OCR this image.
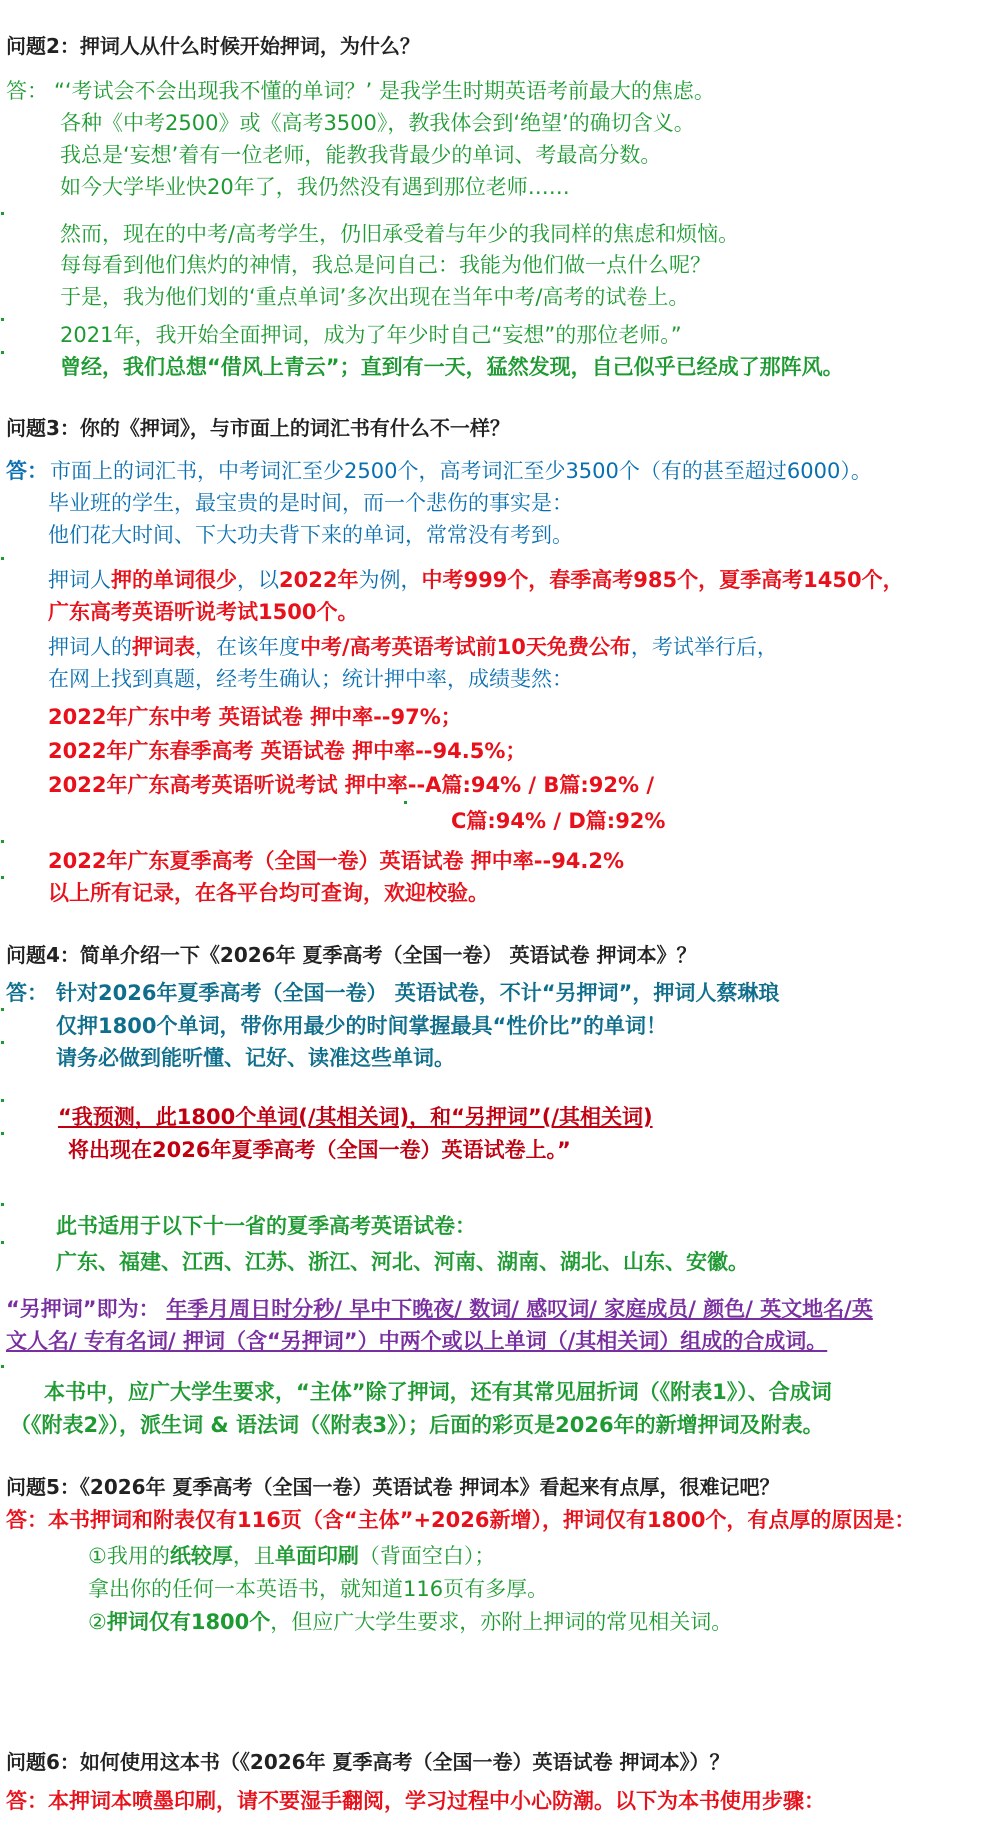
问题2：押词人从什么时候开始押词，为什么？
答： “‘考试会不会出现我不懂的单词？’ 是我学生时期英语考前最大的焦虑。
各种《中考2500》或《高考3500》，教我体会到‘绝望’的确切含义。
我总是‘妄想’着有一位老师，能教我背最少的单词、考最高分数。
如今大学毕业快20年了，我仍然没有遇到那位老师……
然而，现在的中考/高考学生，仍旧承受着与年少的我同样的焦虑和烦恼。
每每看到他们焦灼的神情，我总是问自己：我能为他们做一点什么呢？
于是，我为他们划的‘重点单词’多次出现在当年中考/高考的试卷上。
2021年，我开始全面押词，成为了年少时自己“妄想”的那位老师。”
曾经，我们总想“借风上青云”；直到有一天，猛然发现，自己似乎已经成了那阵风。
问题3：你的《押词》，与市面上的词汇书有什么不一样？
答： 市面上的词汇书，中考词汇至少2500个，高考词汇至少3500个（有的甚至超过6000）。
毕业班的学生，最宝贵的是时间，而一个悲伤的事实是：
他们花大时间、下大功夫背下来的单词，常常没有考到。
押词人押的单词很少，以2022年为例，中考999个，春季高考985个，夏季高考1450个，
广东高考英语听说考试1500个。
押词人的押词表，在该年度中考/高考英语考试前10天免费公布，考试举行后，
在网上找到真题，经考生确认；统计押中率，成绩斐然：
2022年广东中考 英语试卷 押中率--97%；
2022年广东春季高考 英语试卷 押中率--94.5%；
2022年广东高考英语听说考试 押中率--A篇:94% / B篇:92% /
C篇:94% / D篇:92%
2022年广东夏季高考（全国一卷）英语试卷 押中率--94.2%
以上所有记录，在各平台均可查询，欢迎校验。
问题4：简单介绍一下《2026年 夏季高考（全国一卷） 英语试卷 押词本》？
答： 针对2026年夏季高考（全国一卷） 英语试卷，不计“另押词”，押词人蔡琳琅
仅押1800个单词，带你用最少的时间掌握最具“性价比”的单词！
请务必做到能听懂、记好、读准这些单词。
“我预测，此1800个单词(/其相关词)，和“另押词”(/其相关词)
将出现在2026年夏季高考（全国一卷）英语试卷上。”
此书适用于以下十一省的夏季高考英语试卷：
广东、福建、江西、江苏、浙江、河北、河南、湖南、湖北、山东、安徽。
“另押词”即为： 年季月周日时分秒/ 早中下晚夜/ 数词/ 感叹词/ 家庭成员/ 颜色/ 英文地名/英
文人名/ 专有名词/ 押词（含“另押词”）中两个或以上单词（/其相关词）组成的合成词。
本书中，应广大学生要求，“主体”除了押词，还有其常见屈折词（《附表1》）、合成词
（《附表2》），派生词 & 语法词（《附表3》）；后面的彩页是2026年的新增押词及附表。
问题5：《2026年 夏季高考（全国一卷）英语试卷 押词本》看起来有点厚，很难记吧？
答：本书押词和附表仅有116页（含“主体”+2026新增），押词仅有1800个，有点厚的原因是：
①我用的纸较厚，且单面印刷（背面空白）；
拿出你的任何一本英语书，就知道116页有多厚。
②押词仅有1800个，但应广大学生要求，亦附上押词的常见相关词。
问题6：如何使用这本书（《2026年 夏季高考（全国一卷）英语试卷 押词本》）？
答：本押词本喷墨印刷，请不要湿手翻阅，学习过程中小心防潮。以下为本书使用步骤：
